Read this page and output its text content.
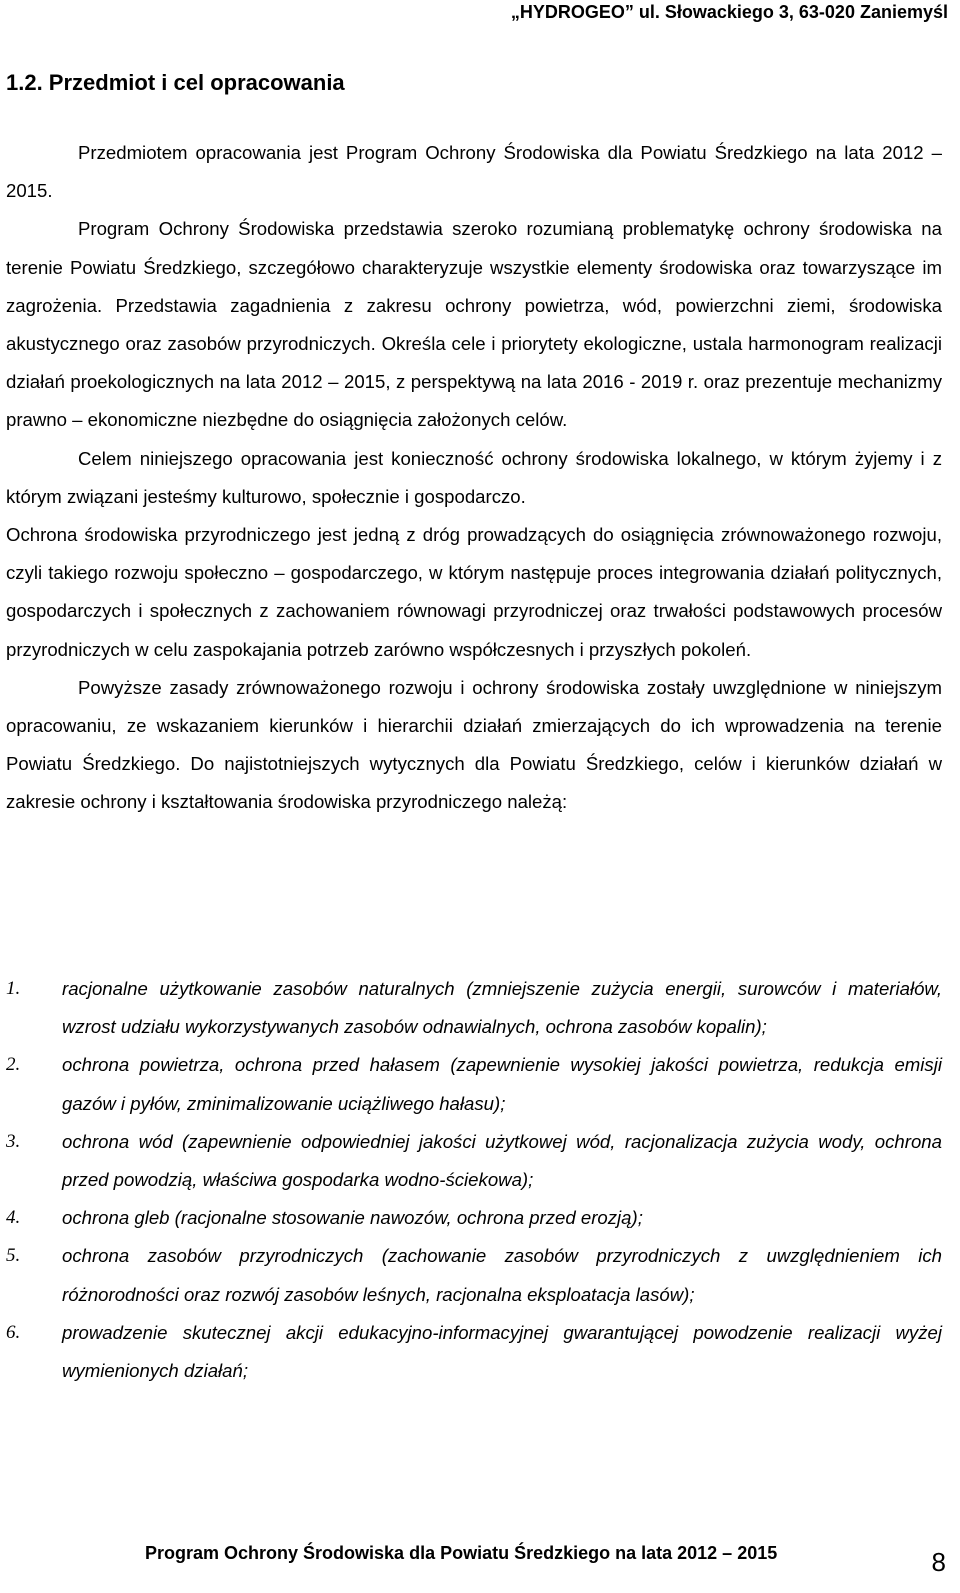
„HYDROGEO” ul. Słowackiego 3, 63-020 Zaniemyśl
1.2. Przedmiot i cel opracowania

Przedmiotem opracowania jest Program Ochrony Środowiska dla Powiatu Średzkiego na lata 2012 – 2015.

Program Ochrony Środowiska przedstawia szeroko rozumianą problematykę ochrony środowiska na terenie Powiatu Średzkiego, szczegółowo charakteryzuje wszystkie elementy środowiska oraz towarzyszące im zagrożenia. Przedstawia zagadnienia z zakresu ochrony powietrza, wód, powierzchni ziemi, środowiska akustycznego oraz zasobów przyrodniczych. Określa cele i priorytety ekologiczne, ustala harmonogram realizacji działań proekologicznych na lata 2012 – 2015, z perspektywą na lata 2016 - 2019 r. oraz prezentuje mechanizmy prawno – ekonomiczne niezbędne do osiągnięcia założonych celów.

Celem niniejszego opracowania jest konieczność ochrony środowiska lokalnego, w którym żyjemy i z którym związani jesteśmy kulturowo, społecznie i gospodarczo.

Ochrona środowiska przyrodniczego jest jedną z dróg prowadzących do osiągnięcia zrównoważonego rozwoju, czyli takiego rozwoju społeczno – gospodarczego, w którym następuje proces integrowania działań politycznych, gospodarczych i społecznych z zachowaniem równowagi przyrodniczej oraz trwałości podstawowych procesów przyrodniczych w celu zaspokajania potrzeb zarówno współczesnych i przyszłych pokoleń.

Powyższe zasady zrównoważonego rozwoju i ochrony środowiska zostały uwzględnione w niniejszym opracowaniu, ze wskazaniem kierunków i hierarchii działań zmierzających do ich wprowadzenia na terenie Powiatu Średzkiego. Do najistotniejszych wytycznych dla Powiatu Średzkiego, celów i kierunków działań w zakresie ochrony i kształtowania środowiska przyrodniczego należą:

1.	racjonalne użytkowanie zasobów naturalnych (zmniejszenie zużycia energii, surowców i materiałów, wzrost udziału wykorzystywanych zasobów odnawialnych, ochrona zasobów kopalin);
2.	ochrona powietrza, ochrona przed hałasem (zapewnienie wysokiej jakości powietrza, redukcja emisji gazów i pyłów, zminimalizowanie uciążliwego hałasu);
3.	ochrona wód (zapewnienie odpowiedniej jakości użytkowej wód, racjonalizacja zużycia wody, ochrona przed powodzią, właściwa gospodarka wodno-ściekowa);
4.	ochrona gleb (racjonalne stosowanie nawozów, ochrona przed erozją);
5.	ochrona zasobów przyrodniczych (zachowanie zasobów przyrodniczych z uwzględnieniem ich różnorodności oraz rozwój zasobów leśnych, racjonalna eksploatacja lasów);
6.	prowadzenie skutecznej akcji edukacyjno-informacyjnej gwarantującej powodzenie realizacji wyżej wymienionych działań;
Program Ochrony Środowiska dla Powiatu Średzkiego na lata 2012 – 2015	8
